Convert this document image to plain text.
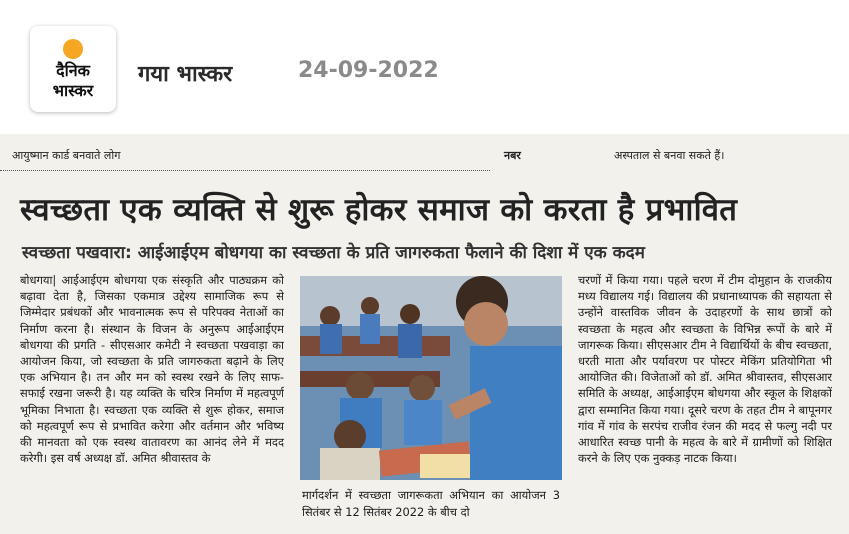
दैनिक
भास्कर
गया भास्कर	24-09-2022
आयुष्मान कार्ड बनवाते लोग	नबर	अस्पताल से बनवा सकते हैं।
स्वच्छता एक व्यक्ति से शुरू होकर समाज को करता है प्रभावित
स्वच्छता पखवारा: आईआईएम बोधगया का स्वच्छता के प्रति जागरुकता फैलाने की दिशा में एक कदम

बोधगया| आईआईएम बोधगया एक संस्कृति और पाठ्यक्रम को बढ़ावा देता है, जिसका एकमात्र उद्देश्य सामाजिक रूप से जिम्मेदार प्रबंधकों और भावनात्मक रूप से परिपक्व नेताओं का निर्माण करना है। संस्थान के विजन के अनुरूप आईआईएम बोधगया की प्रगति - सीएसआर कमेटी ने स्वच्छता पखवाड़ा का आयोजन किया, जो स्वच्छता के प्रति जागरुकता बढ़ाने के लिए एक अभियान है। तन और मन को स्वस्थ रखने के लिए साफ-सफाई रखना जरूरी है। यह व्यक्ति के चरित्र निर्माण में महत्वपूर्ण भूमिका निभाता है। स्वच्छता एक व्यक्ति से शुरू होकर, समाज को महत्वपूर्ण रूप से प्रभावित करेगा और वर्तमान और भविष्य की मानवता को एक स्वस्थ वातावरण का आनंद लेने में मदद करेगी। इस वर्ष अध्यक्ष डॉ. अमित श्रीवास्तव के

मार्गदर्शन में स्वच्छता जागरूकता अभियान का आयोजन 3 सितंबर से 12 सितंबर 2022 के बीच दो

चरणों में किया गया। पहले चरण में टीम दोमुहान के राजकीय मध्य विद्यालय गई। विद्यालय की प्रधानाध्यापक की सहायता से उन्होंने वास्तविक जीवन के उदाहरणों के साथ छात्रों को स्वच्छता के महत्व और स्वच्छता के विभिन्न रूपों के बारे में जागरूक किया। सीएसआर टीम ने विद्यार्थियों के बीच स्वच्छता, धरती माता और पर्यावरण पर पोस्टर मेकिंग प्रतियोगिता भी आयोजित की। विजेताओं को डॉ. अमित श्रीवास्तव, सीएसआर समिति के अध्यक्ष, आईआईएम बोधगया और स्कूल के शिक्षकों द्वारा सम्मानित किया गया। दूसरे चरण के तहत टीम ने बापूनगर गांव में गांव के सरपंच राजीव रंजन की मदद से फल्गु नदी पर आधारित स्वच्छ पानी के महत्व के बारे में ग्रामीणों को शिक्षित करने के लिए एक नुक्कड़ नाटक किया।
